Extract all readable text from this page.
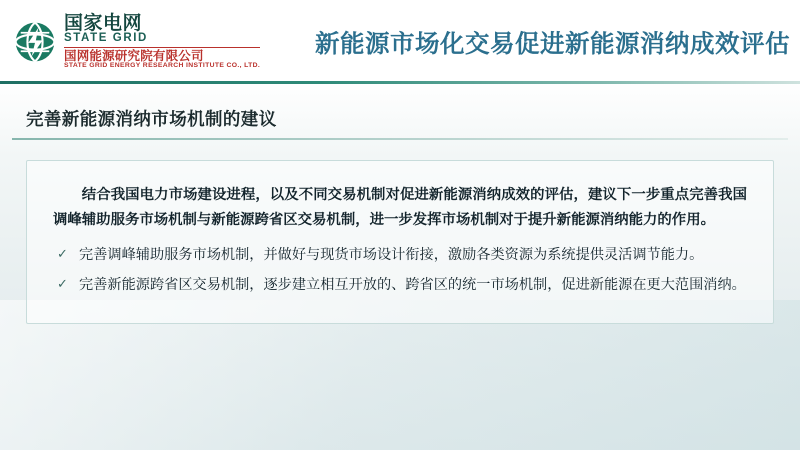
国家电网
STATE GRID
国网能源研究院有限公司
STATE GRID ENERGY RESEARCH INSTITUTE CO., LTD.
新能源市场化交易促进新能源消纳成效评估
完善新能源消纳市场机制的建议

结合我国电力市场建设进程，以及不同交易机制对促进新能源消纳成效的评估，建议下一步重点完善我国调峰辅助服务市场机制与新能源跨省区交易机制，进一步发挥市场机制对于提升新能源消纳能力的作用。

✓ 完善调峰辅助服务市场机制，并做好与现货市场设计衔接，激励各类资源为系统提供灵活调节能力。
✓ 完善新能源跨省区交易机制，逐步建立相互开放的、跨省区的统一市场机制，促进新能源在更大范围消纳。
